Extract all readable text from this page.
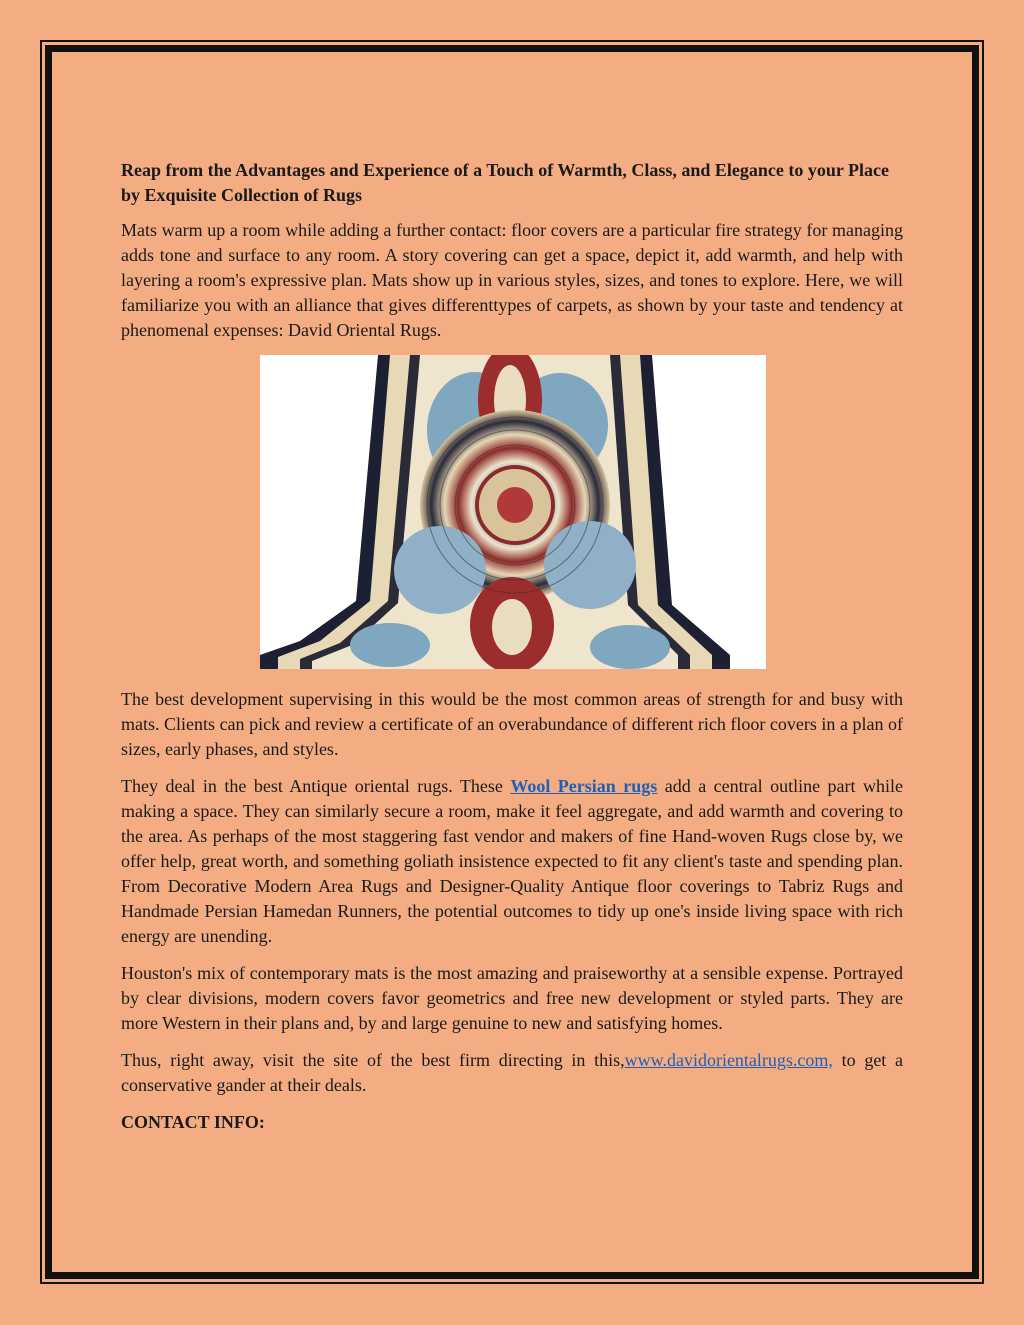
Reap from the Advantages and Experience of a Touch of Warmth, Class, and Elegance to your Place by Exquisite Collection of Rugs

Mats warm up a room while adding a further contact: floor covers are a particular fire strategy for managing adds tone and surface to any room. A story covering can get a space, depict it, add warmth, and help with layering a room's expressive plan. Mats show up in various styles, sizes, and tones to explore. Here, we will familiarize you with an alliance that gives differenttypes of carpets, as shown by your taste and tendency at phenomenal expenses: David Oriental Rugs.

The best development supervising in this would be the most common areas of strength for and busy with mats. Clients can pick and review a certificate of an overabundance of different rich floor covers in a plan of sizes, early phases, and styles.

They deal in the best Antique oriental rugs. These Wool Persian rugs add a central outline part while making a space. They can similarly secure a room, make it feel aggregate, and add warmth and covering to the area. As perhaps of the most staggering fast vendor and makers of fine Hand-woven Rugs close by, we offer help, great worth, and something goliath insistence expected to fit any client's taste and spending plan. From Decorative Modern Area Rugs and Designer-Quality Antique floor coverings to Tabriz Rugs and Handmade Persian Hamedan Runners, the potential outcomes to tidy up one's inside living space with rich energy are unending.

Houston's mix of contemporary mats is the most amazing and praiseworthy at a sensible expense. Portrayed by clear divisions, modern covers favor geometrics and free new development or styled parts. They are more Western in their plans and, by and large genuine to new and satisfying homes.

Thus, right away, visit the site of the best firm directing in this,www.davidorientalrugs.com, to get a conservative gander at their deals.

CONTACT INFO:
